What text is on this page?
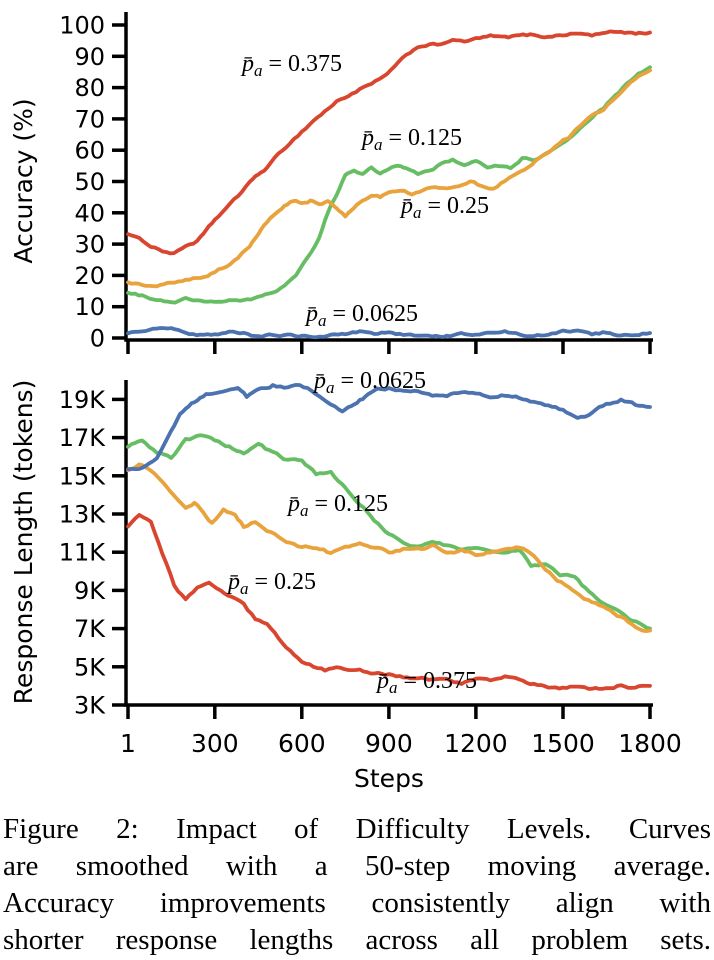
0
10
20
30
40
50
60
70
80
90
100
$p̄_a = 0.375$
$p̄_a = 0.125$
$p̄_a = 0.25$
$p̄_a = 0.0625$
Accuracy (%)
1 300 600 900 1200 1500 1800
3K
5K
7K
9K
11K
13K
15K
17K
19K
$p̄_a = 0.375$
$p̄_a = 0.125$
$p̄_a = 0.25$
$p̄_a = 0.0625$
Response Length (tokens)
Steps
Figure 2: Impact of Difficulty Levels. Curves
are smoothed with a 50-step moving average.
Accuracy improvements consistently align with
shorter response lengths across all problem sets.
